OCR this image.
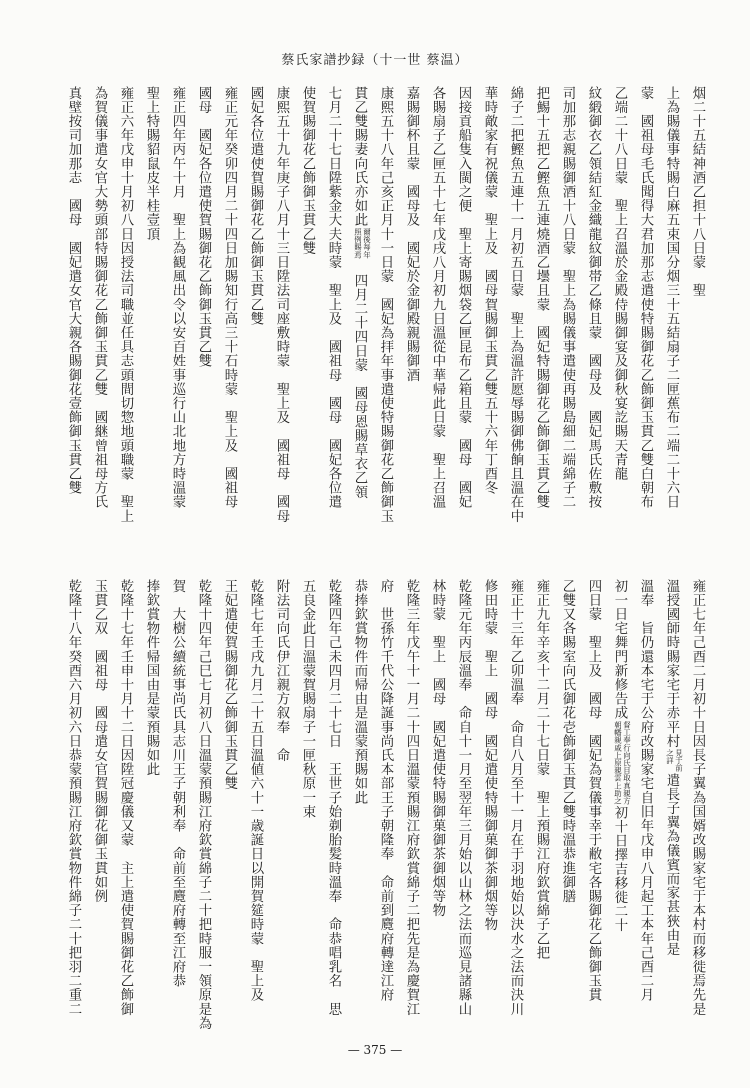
蔡氏家譜抄録（十一世 蔡温）
烟二十五結神酒乙担十八日蒙　聖
上為賜儀事特賜白麻五束国分烟三十五結扇子二匣蕉布二端二十六日
蒙　國祖母毛氏聞得大君加那志遣使特賜御花乙飾御玉貫乙雙白朝布
乙端二十八日蒙　聖上召溫於金殿侍賜御宴及御秋宴訖賜天青龍
紋緞御衣乙領結紅金織龍紋御帯乙條且蒙　國母及　國妃馬氏佐敷按
司加那志親賜御酒十八日蒙　聖上為賜儀事遣使再賜島細二端綿子二
把鯣十五把乙鰹魚五連燒酒乙壜且蒙　國妃特賜御花乙飾御玉貫乙雙
綿子二把鰹魚五連十一月初五日蒙　聖上為溫許愿辱賜御佛餉且溫在中
華時敵家有祝儀蒙　聖上及　國母賀賜御玉貫乙雙五十六年丁酉冬
因接貢船隻入閩之便　聖上寄賜烟袋乙匣昆布乙箱且蒙　國母　國妃
各賜扇子乙匣五十七年戊戌八月初九日溫從中華帰此日蒙　聖上召溫
嘉賜御杯且蒙　國母及　國妃於金御殿親賜御酒
康熙五十八年己亥正月十一日蒙　國妃為拝年事遣使特賜御花乙飾御玉
貫乙雙賜妻向氏亦如此
爾後每年
照例賜焉
　四月二十四日蒙　國母恩賜草衣乙領
七月二十七日陞紫金大夫時蒙　聖上及　國祖母　國母　國妃各位遣
使賀賜御花乙飾御玉貫乙雙
康熙五十九年庚子八月十三日陞法司座敷時蒙　聖上及　國祖母　國母
國妃各位遣使賀賜御花乙飾御玉貫乙雙
雍正元年癸卯四月二十四日加賜知行高三十石時蒙　聖上及　國祖母
國母　國妃各位遣使賀賜御花乙飾御玉貫乙雙
雍正四年丙午十月　聖上為観風出令以安百姓事巡行山北地方時溫蒙
聖上特賜貂鼠皮半桂壹頂
雍正六年戊申十月初八日因授法司職並任具志頭間切惣地頭職蒙　聖上
為賀儀事遣女官大勢頭部特賜御花乙飾御玉貫乙雙　國継曾祖母方氏
真壁按司加那志　國母　國妃遣女官大親各賜御花壹飾御玉貫乙雙
雍正七年己酉二月初十日因長子翼為国婿改賜家宅于本村而移徙焉先是
溫授國師時賜家宅于赤平村
見于前
之詳
遣長子翼為儀賓而家甚狹由是
溫奉　旨仍還本宅于公府改賜家宅自旧年戊申八月起工本年己酉二月
初一日宅舞門新修告成
督工奉行向氏目取真親方
朝幡親戚上原親雲上助之
初十日擇吉移徙二十
四日蒙　聖上及　國母　國妃為賀儀事幸于敝宅各賜御花乙飾御玉貫
乙雙又各賜室向氏御花壱飾御玉貫乙雙時溫恭進御膳
雍正九年辛亥十二月二十七日蒙　聖上預賜江府欽賞綿子乙把
雍正十三年乙卯溫奉　命自八月至十一月在于羽地始以決水之法而決川
修田時蒙　聖上　國母　國妃遣使特賜御菓御茶御烟等物
乾隆元年丙辰溫奉　命自十一月至翌年三月始以山林之法而巡見諸縣山
林時蒙　聖上　國母　國妃遣使特賜御菓御茶御烟等物
乾隆三年戊午十一月二十四日溫蒙預賜江府欽賞綿子二把先是為慶賀江
府　世孫竹千代公降誕事尚氏本部王子朝隆奉　命前到麑府轉達江府
恭捧欽賞物件而帰由是溫蒙預賜如此
乾隆四年己未四月二十七日　王世子始剃胎髪時溫奉　命恭唱乳名　思
五良金此日溫蒙賀賜扇子一匣秋原一束
附法司向氏伊江親方叙奉　命
乾隆七年壬戌九月二十五日溫値六十一歳誕日以開賀筵時蒙　聖上及
王妃遣使賀賜御花乙飾御玉貫乙雙
乾隆十四年己巳七月初八日溫蒙預賜江府欽賞綿子二十把時服一領原是為
賀　大樹公續統事尚氏具志川王子朝利奉　命前至麑府轉至江府恭
捧欽賞物件帰国由是蒙預賜如此
乾隆十七年壬申十月十二日因陞冠慶儀又蒙　主上遣使賀賜御花乙飾御
玉貫乙双　國祖母　國母遣女官賀賜御花御玉貫如例
乾隆十八年癸酉六月初六日恭蒙預賜江府欽賞物件綿子二十把羽二重二
— 375 —
